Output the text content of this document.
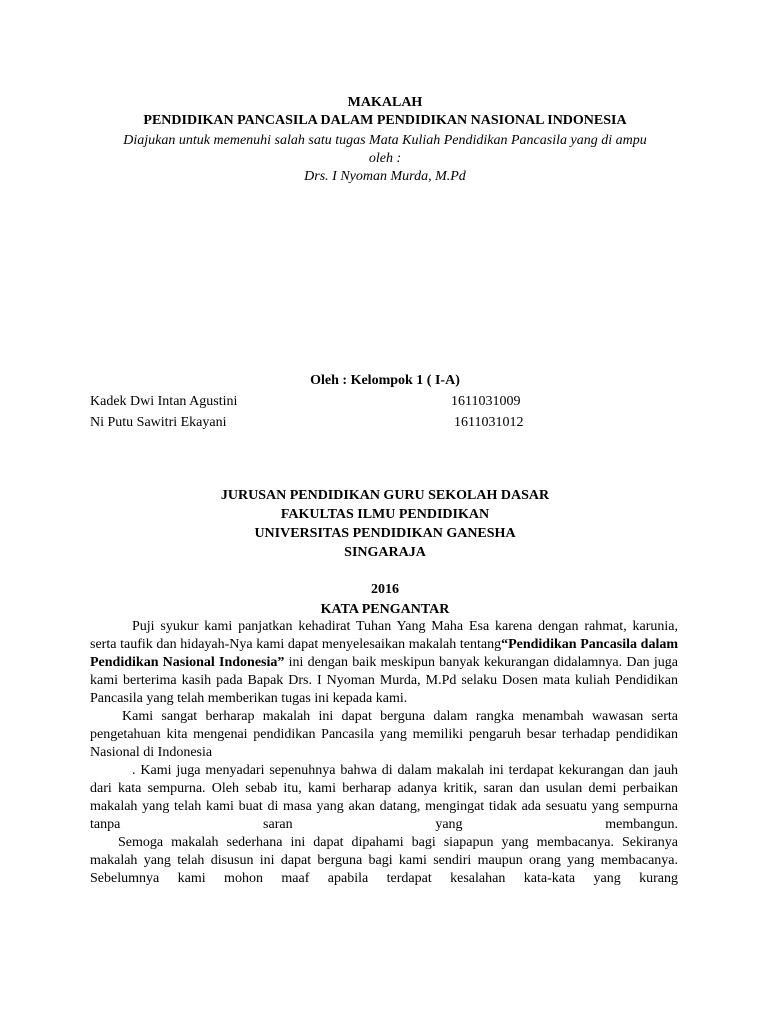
MAKALAH
PENDIDIKAN PANCASILA DALAM PENDIDIKAN NASIONAL INDONESIA
Diajukan untuk memenuhi salah satu tugas Mata Kuliah Pendidikan Pancasila yang di ampu
oleh :
Drs. I Nyoman Murda, M.Pd
Oleh : Kelompok 1 ( I-A)
Kadek Dwi Intan Agustini	1611031009
Ni Putu Sawitri Ekayani	1611031012
JURUSAN PENDIDIKAN GURU SEKOLAH DASAR
FAKULTAS ILMU PENDIDIKAN
UNIVERSITAS PENDIDIKAN GANESHA
SINGARAJA
2016
KATA PENGANTAR

Puji syukur kami panjatkan kehadirat Tuhan Yang Maha Esa karena dengan rahmat, karunia, serta taufik dan hidayah-Nya kami dapat menyelesaikan makalah tentang“Pendidikan Pancasila dalam Pendidikan Nasional Indonesia” ini dengan baik meskipun banyak kekurangan didalamnya. Dan juga kami berterima kasih pada Bapak Drs. I Nyoman Murda, M.Pd selaku Dosen mata kuliah Pendidikan Pancasila yang telah memberikan tugas ini kepada kami.

Kami sangat berharap makalah ini dapat berguna dalam rangka menambah wawasan serta pengetahuan kita mengenai pendidikan Pancasila yang memiliki pengaruh besar terhadap pendidikan Nasional di Indonesia

. Kami juga menyadari sepenuhnya bahwa di dalam makalah ini terdapat kekurangan dan jauh dari kata sempurna. Oleh sebab itu, kami berharap adanya kritik, saran dan usulan demi perbaikan makalah yang telah kami buat di masa yang akan datang, mengingat tidak ada sesuatu yang sempurna tanpa saran yang membangun.

Semoga makalah sederhana ini dapat dipahami bagi siapapun yang membacanya. Sekiranya makalah yang telah disusun ini dapat berguna bagi kami sendiri maupun orang yang membacanya. Sebelumnya kami mohon maaf apabila terdapat kesalahan kata-kata yang kurang
